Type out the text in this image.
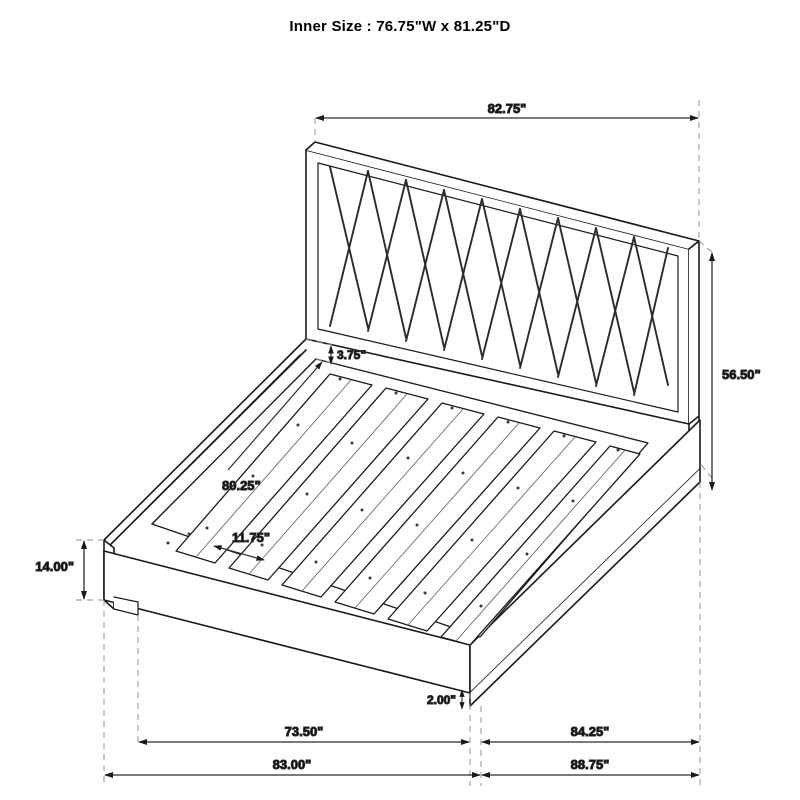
Inner Size : 76.75"W x 81.25"D
82.75"
56.50"
3.75"
80.25"
11.75"
14.00"
2.00"
73.50"	84.25"
83.00"	88.75"
